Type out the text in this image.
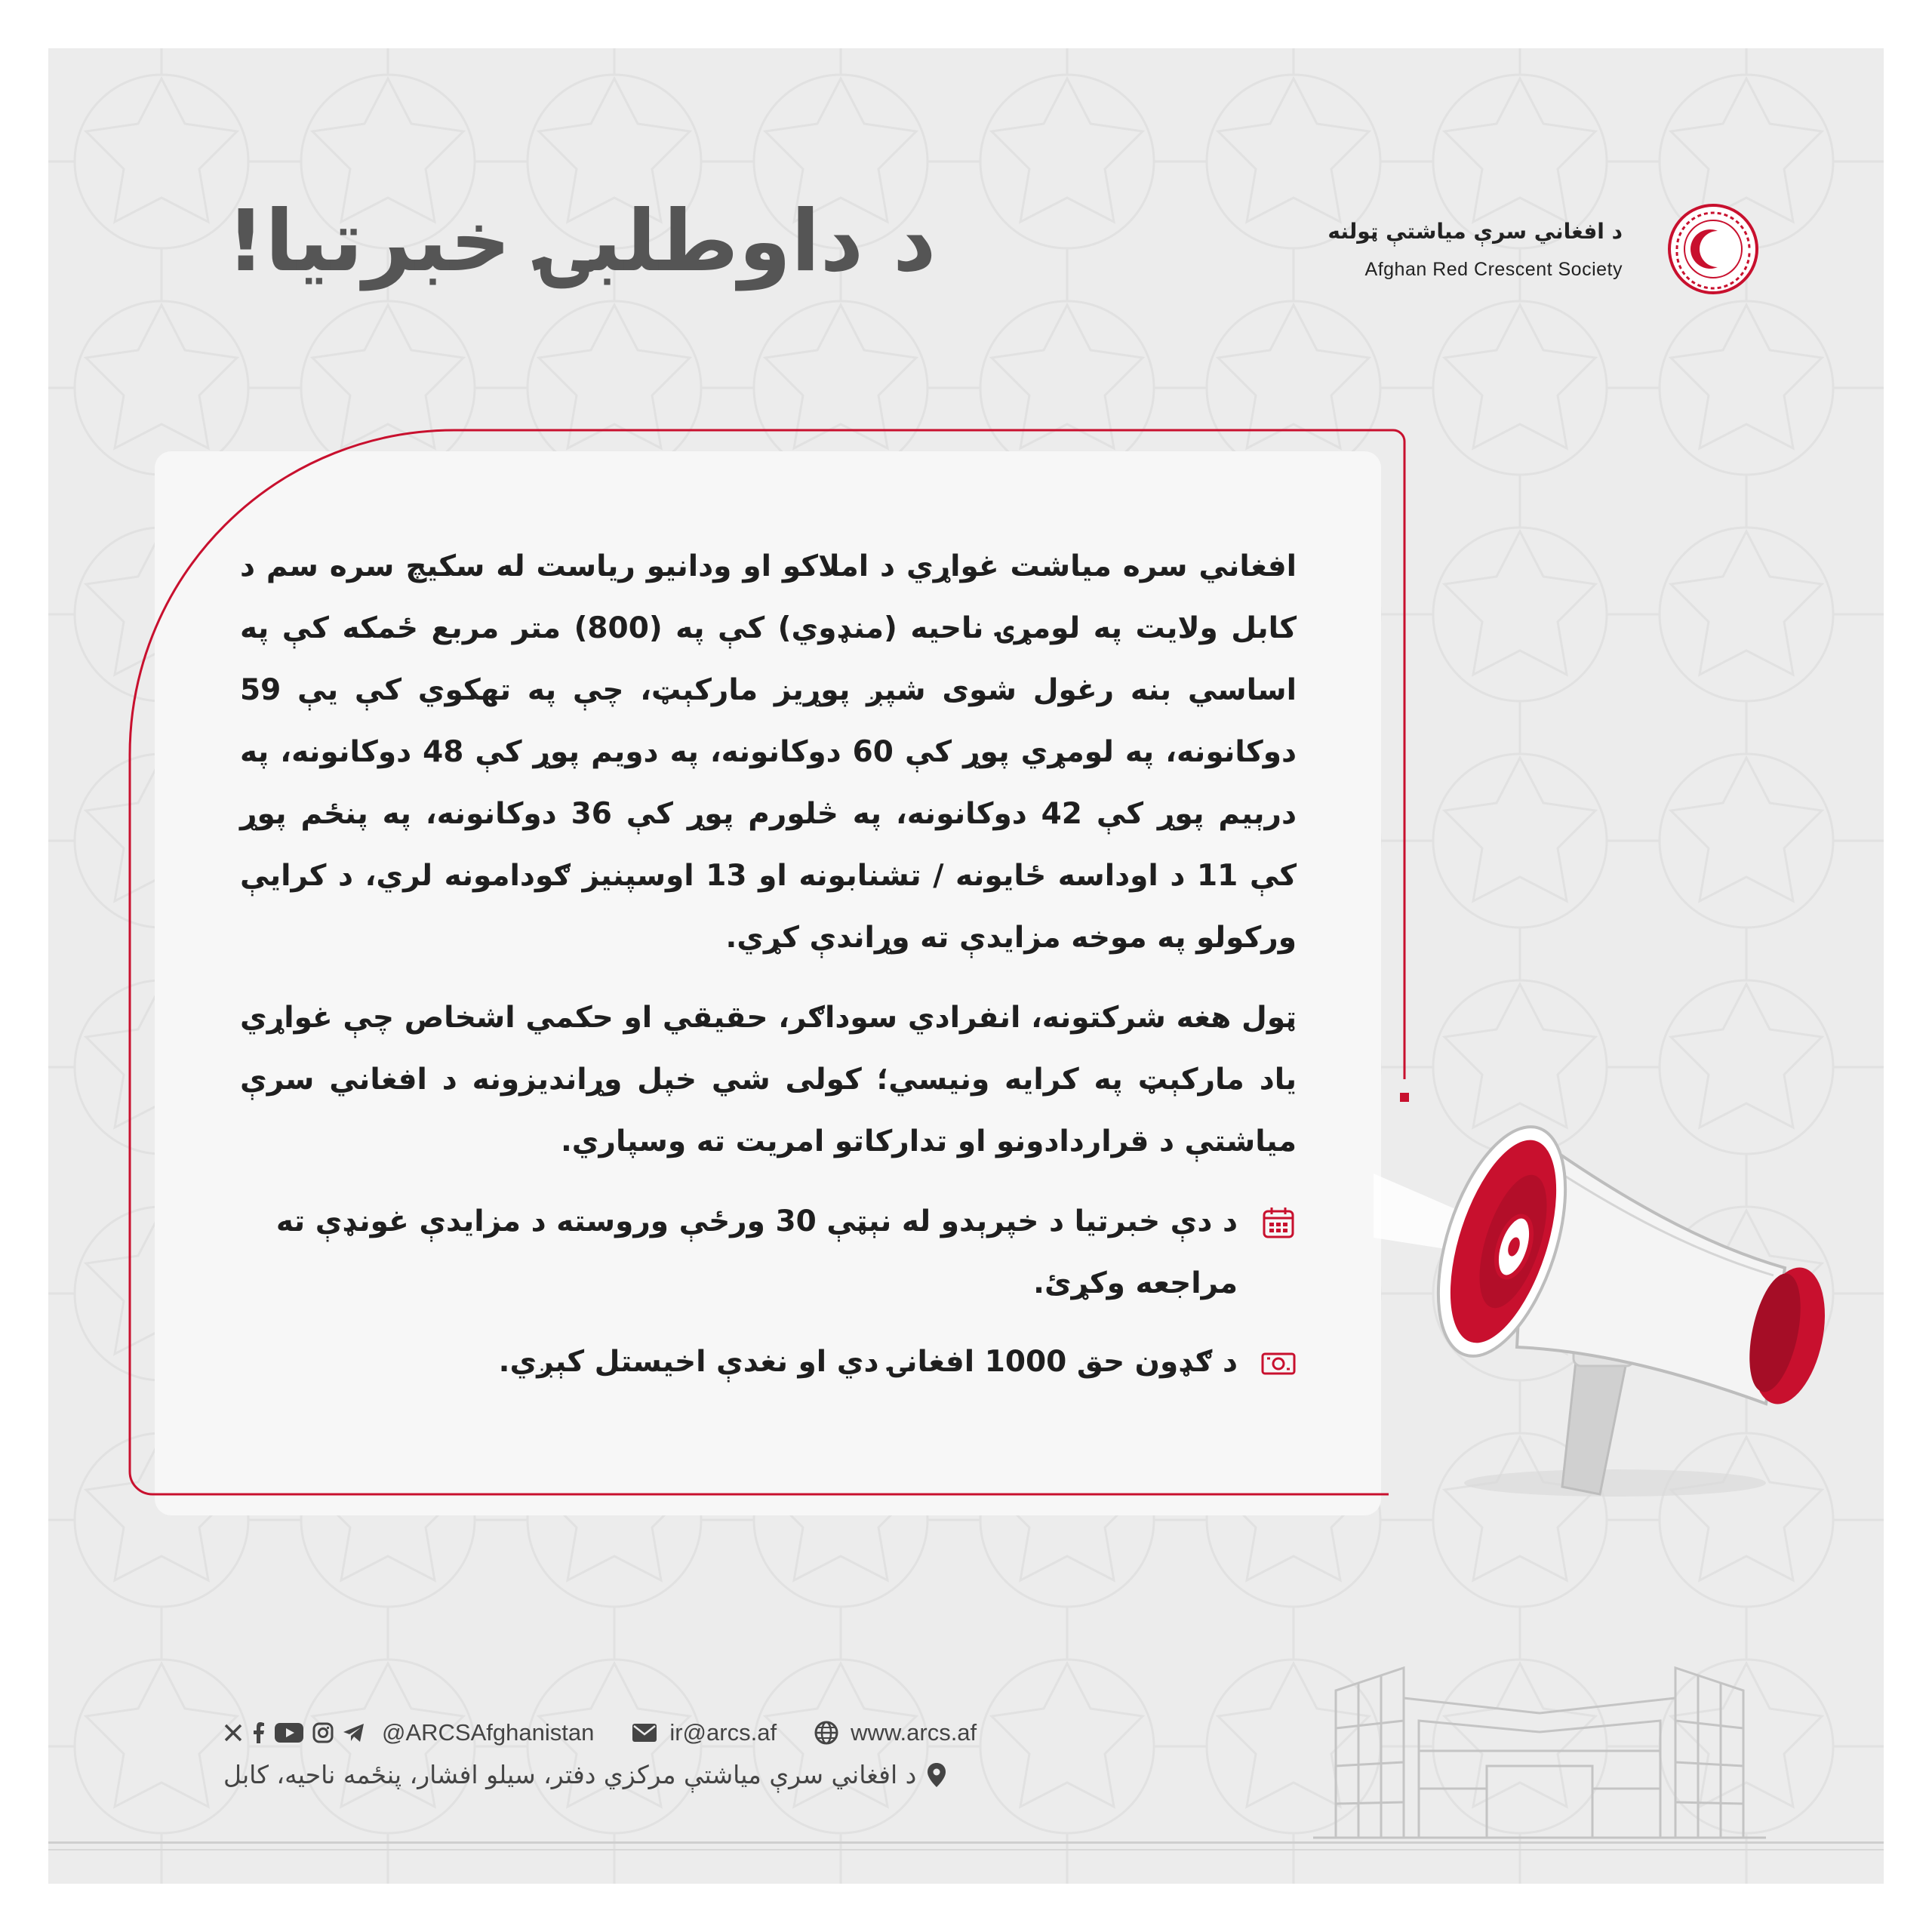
د داوطلبۍ خبرتیا!	د افغاني سرې میاشتې ټولنه
Afghan Red Crescent Society

افغاني سره میاشت غواړي د املاکو او ودانیو ریاست له سکیچ سره سم د کابل ولایت په لومړۍ ناحیه (منډوي) کې په (800) متر مربع ځمکه کې په اساسي بنه رغول شوی شپږ پوړیز مارکېټ، چې په تهکوي کې یې 59 دوکانونه، په لومړي پوړ کې 60 دوکانونه، په دویم پوړ کې 48 دوکانونه، په درېیم پوړ کې 42 دوکانونه، په څلورم پوړ کې 36 دوکانونه، په پنځم پوړ کې 11 د اوداسه ځایونه / تشنابونه او 13 اوسپنیز ګودامونه لري، د کرایې ورکولو په موخه مزایدې ته وړاندې کړي.

ټول هغه شرکتونه، انفرادي سوداګر، حقیقي او حکمي اشخاص چې غواړي یاد مارکېټ په کرایه ونیسي؛ کولی شي خپل وړاندیزونه د افغاني سرې میاشتې د قراردادونو او تدارکاتو امریت ته وسپاري.

د دې خبرتیا د خپرېدو له نېټې 30 ورځې وروسته د مزایدې غونډې ته مراجعه وکړئ.
د ګډون حق 1000 افغانۍ دي او نغدې اخیستل کېږي.
@ARCSAfghanistan	ir@arcs.af	www.arcs.af
د افغاني سرې میاشتې مرکزي دفتر، سیلو افشار، پنځمه ناحیه، کابل
